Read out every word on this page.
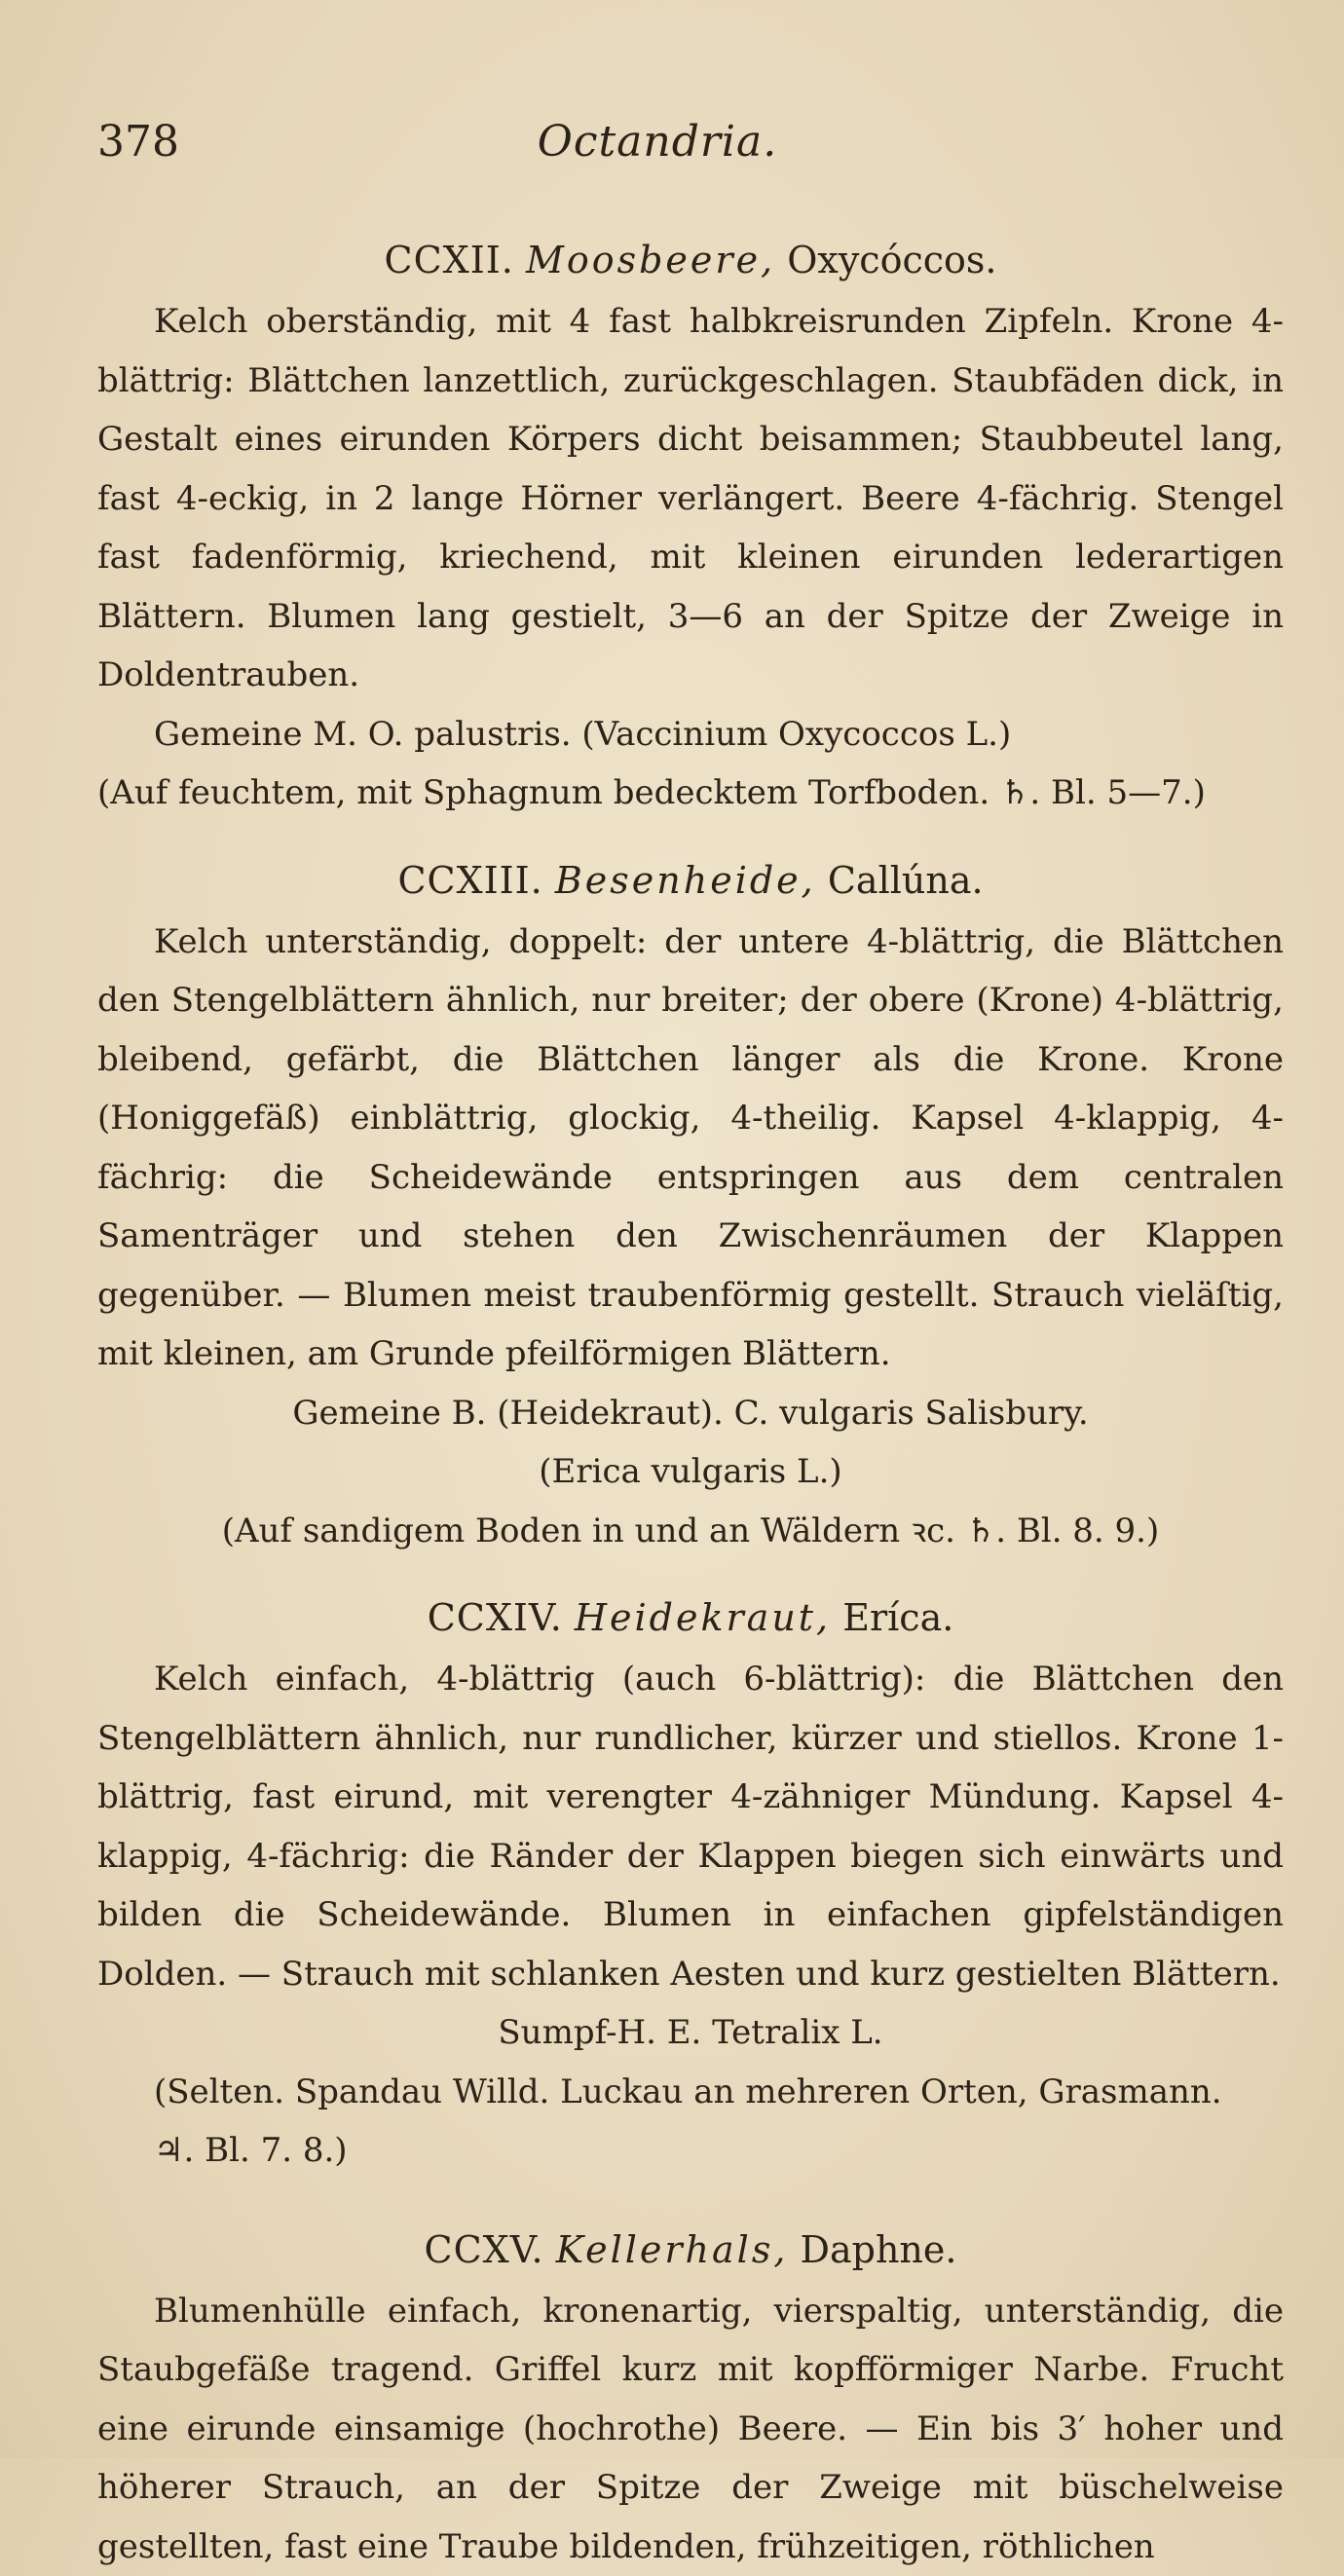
378	Octandria.
CCXII. Moosbeere, Oxycóccos.

Kelch oberständig, mit 4 fast halbkreisrunden Zipfeln. Krone 4-blättrig: Blättchen lanzettlich, zurückgeschlagen. Staubfäden dick, in Gestalt eines eirunden Körpers dicht beisammen; Staubbeutel lang, fast 4-eckig, in 2 lange Hörner verlängert. Beere 4-fächrig. Stengel fast fadenförmig, kriechend, mit kleinen eirunden lederartigen Blättern. Blumen lang gestielt, 3—6 an der Spitze der Zweige in Doldentrauben.

Gemeine M. O. palustris. (Vaccinium Oxycoccos L.)

(Auf feuchtem, mit Sphagnum bedecktem Torfboden. ♄. Bl. 5—7.)

CCXIII. Besenheide, Callúna.

Kelch unterständig, doppelt: der untere 4-blättrig, die Blättchen den Stengelblättern ähnlich, nur breiter; der obere (Krone) 4-blättrig, bleibend, gefärbt, die Blättchen länger als die Krone. Krone (Honiggefäß) einblättrig, glockig, 4-theilig. Kapsel 4-klappig, 4-fächrig: die Scheidewände entspringen aus dem centralen Samenträger und stehen den Zwischenräumen der Klappen gegenüber. — Blumen meist traubenförmig gestellt. Strauch vieläſtig, mit kleinen, am Grunde pfeilförmigen Blättern.

Gemeine B. (Heidekraut). C. vulgaris Salisbury.

(Erica vulgaris L.)

(Auf sandigem Boden in und an Wäldern ꝛc. ♄. Bl. 8. 9.)

CCXIV. Heidekraut, Eríca.

Kelch einfach, 4-blättrig (auch 6-blättrig): die Blättchen den Stengelblättern ähnlich, nur rundlicher, kürzer und stiellos. Krone 1-blättrig, fast eirund, mit verengter 4-zähniger Mündung. Kapsel 4-klappig, 4-fächrig: die Ränder der Klappen biegen sich einwärts und bilden die Scheidewände. Blumen in einfachen gipfelständigen Dolden. — Strauch mit schlanken Aesten und kurz gestielten Blättern.

Sumpf-H. E. Tetralix L.

(Selten. Spandau Willd. Luckau an mehreren Orten, Grasmann.

♃. Bl. 7. 8.)

CCXV. Kellerhals, Daphne.

Blumenhülle einfach, kronenartig, vierspaltig, unterständig, die Staubgefäße tragend. Griffel kurz mit kopfförmiger Narbe. Frucht eine eirunde einsamige (hochrothe) Beere. — Ein bis 3′ hoher und höherer Strauch, an der Spitze der Zweige mit büschelweise gestellten, fast eine Traube bildenden, frühzeitigen, röthlichen
